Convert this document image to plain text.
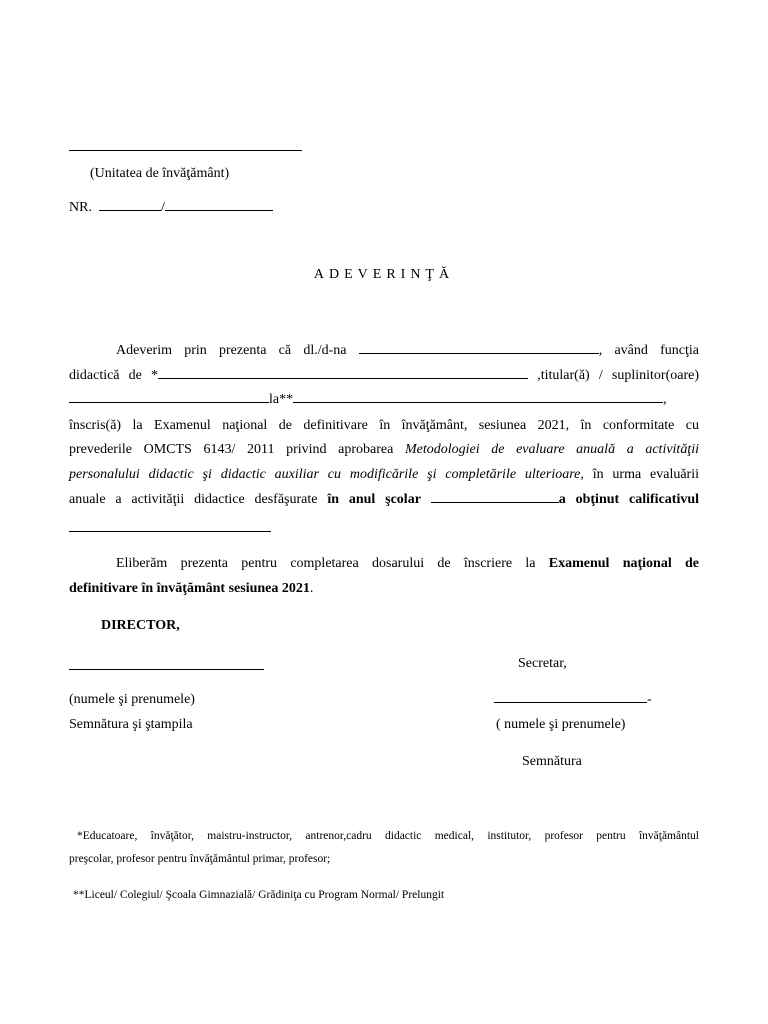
(Unitatea de învăţământ)
NR.	/
ADEVERINŢĂ
Adeverim prin prezenta că dl./d-na	, având funcţia
didactică de *	,titular(ă) / suplinitor(oare)
la**	,
înscris(ă) la Examenul naţional de definitivare în învăţământ, sesiunea 2021, în conformitate cu
prevederile OMCTS 6143/ 2011 privind aprobarea Metodologiei de evaluare anuală a activităţii
personalului didactic şi didactic auxiliar cu modificările şi completările ulterioare, în urma evaluării
anuale a activităţii didactice desfăşurate în anul şcolar	a obţinut calificativul
Eliberăm prezenta pentru completarea dosarului de înscriere la Examenul naţional de
definitivare în învăţământ sesiunea 2021.
DIRECTOR,
Secretar,
(numele şi prenumele)	-
Semnătura şi ştampila	( numele şi prenumele)
Semnătura
*Educatoare, învăţător, maistru-instructor, antrenor,cadru didactic medical, institutor, profesor pentru învăţământul
preşcolar, profesor pentru învăţământul primar, profesor;
**Liceul/ Colegiul/ Şcoala Gimnazială/ Grădiniţa cu Program Normal/ Prelungit
